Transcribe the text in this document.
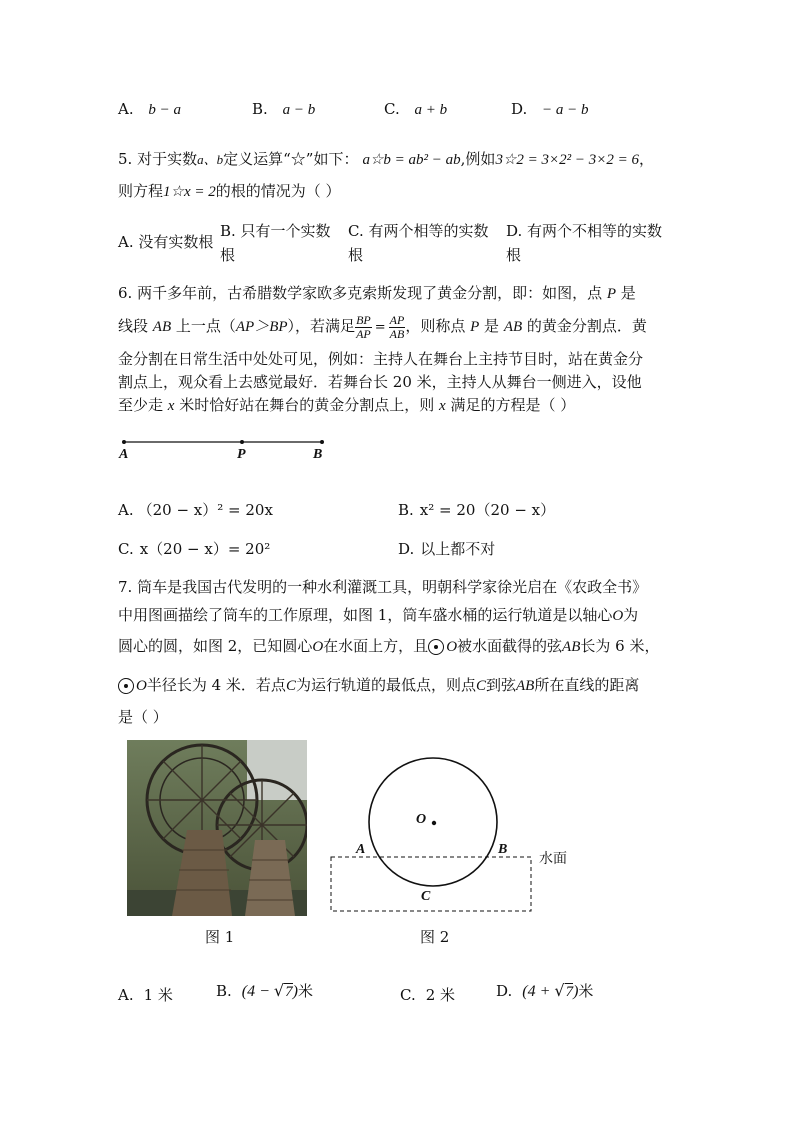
A. b − a	B. a − b	C. a + b	D. − a − b
5. 对于实数a、b定义运算“☆”如下： a☆b = ab² − ab,例如3☆2 = 3×2² − 3×2 = 6，
则方程1☆x = 2的根的情况为（ ）
A. 没有实数根
B. 只有一个实数
根
C. 有两个相等的实数
根
D. 有两个不相等的实数
根
6. 两千多年前，古希腊数学家欧多克索斯发现了黄金分割，即：如图，点 P 是
线段 AB 上一点（AP＞BP），若满足 $\frac{BP}{AP} = \frac{AP}{AB}$ ，则称点 P 是 AB 的黄金分割点．黄
金分割在日常生活中处处可见，例如：主持人在舞台上主持节目时，站在黄金分
割点上，观众看上去感觉最好．若舞台长 20 米，主持人从舞台一侧进入，设他
至少走 x 米时恰好站在舞台的黄金分割点上，则 x 满足的方程是（ ）
A	P	B
A. （20 − x）² = 20x	B. x² = 20（20 − x）
C. x（20 − x）= 20²	D. 以上都不对
7. 筒车是我国古代发明的一种水利灌溉工具，明朝科学家徐光启在《农政全书》
中用图画描绘了筒车的工作原理，如图 1，筒车盛水桶的运行轨道是以轴心O为
圆心的圆，如图 2，已知圆心O在水面上方，且 O被水面截得的弦AB长为 6 米，
O半径长为 4 米．若点C为运行轨道的最低点，则点C到弦AB所在直线的距离
是（ ）
图 1
O
A	B
C
水面
图 2
A. 1 米	B. (4 − √7)米	C. 2 米	D. (4 + √7)米
